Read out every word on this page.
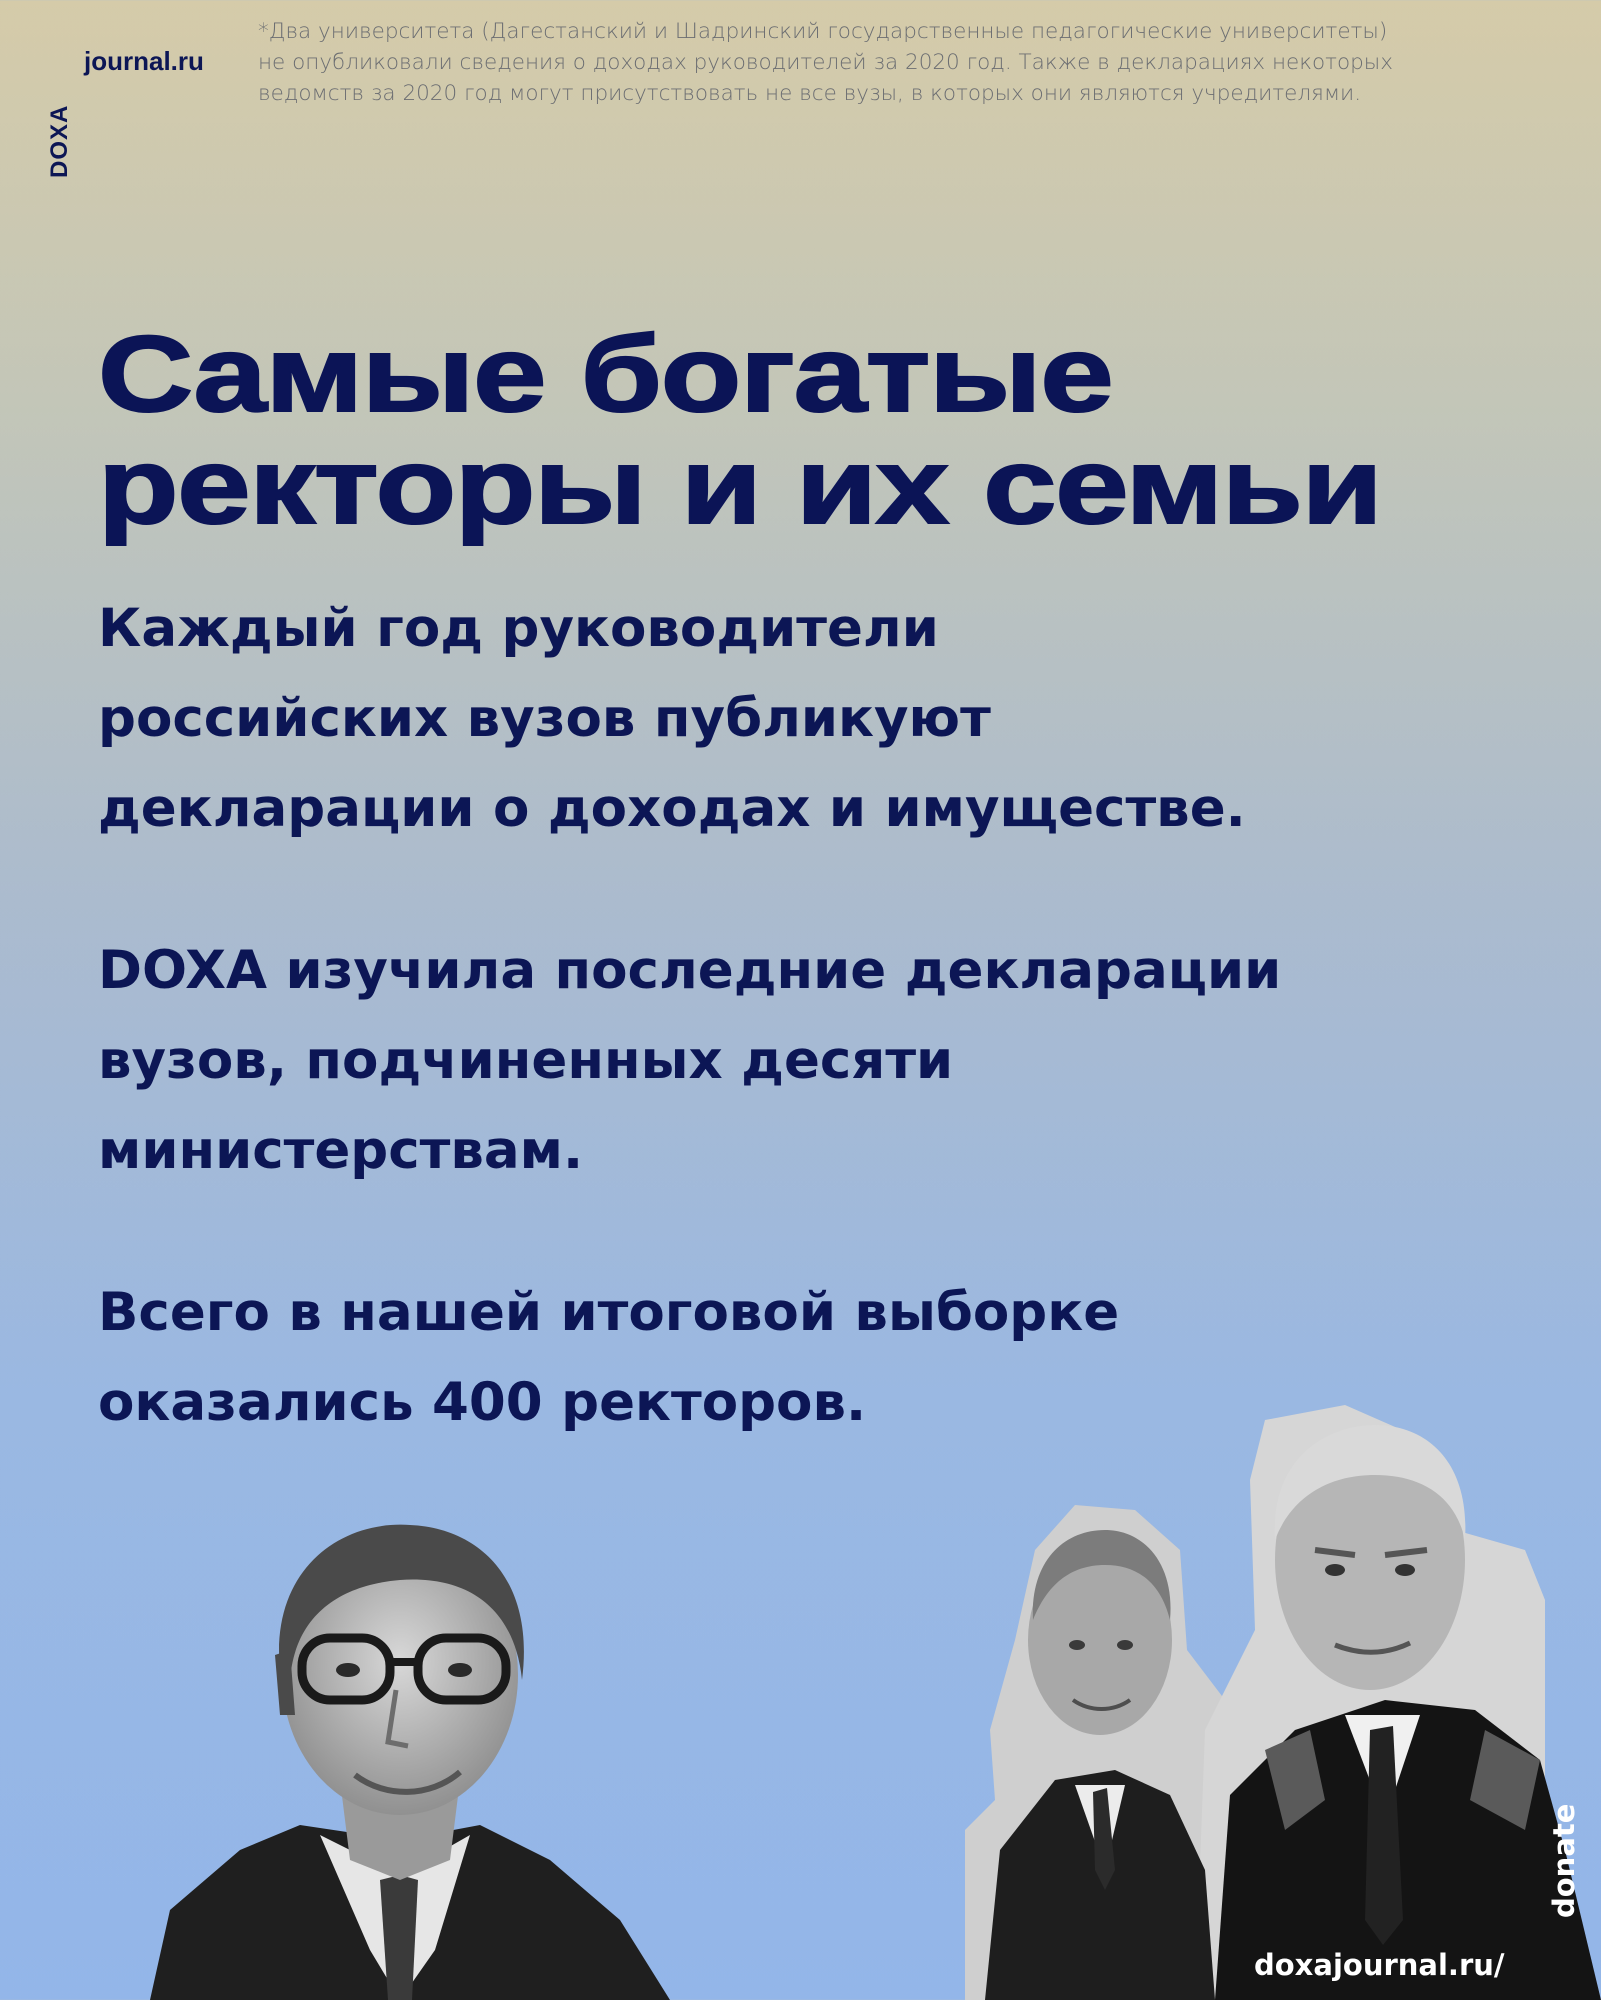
DOXA
journal.ru
*Два университета (Дагестанский и Шадринский государственные педагогические университеты)
не опубликовали сведения о доходах руководителей за 2020 год. Также в декларациях некоторых
ведомств за 2020 год могут присутствовать не все вузы, в которых они являются учредителями.
Самые богатые
ректоры и их семьи
Каждый год руководители
российских вузов публикуют
декларации о доходах и имуществе.
DOXA изучила последние декларации
вузов, подчиненных десяти
министерствам.
Всего в нашей итоговой выборке
оказались 400 ректоров.
doxajournal.ru/
donate
